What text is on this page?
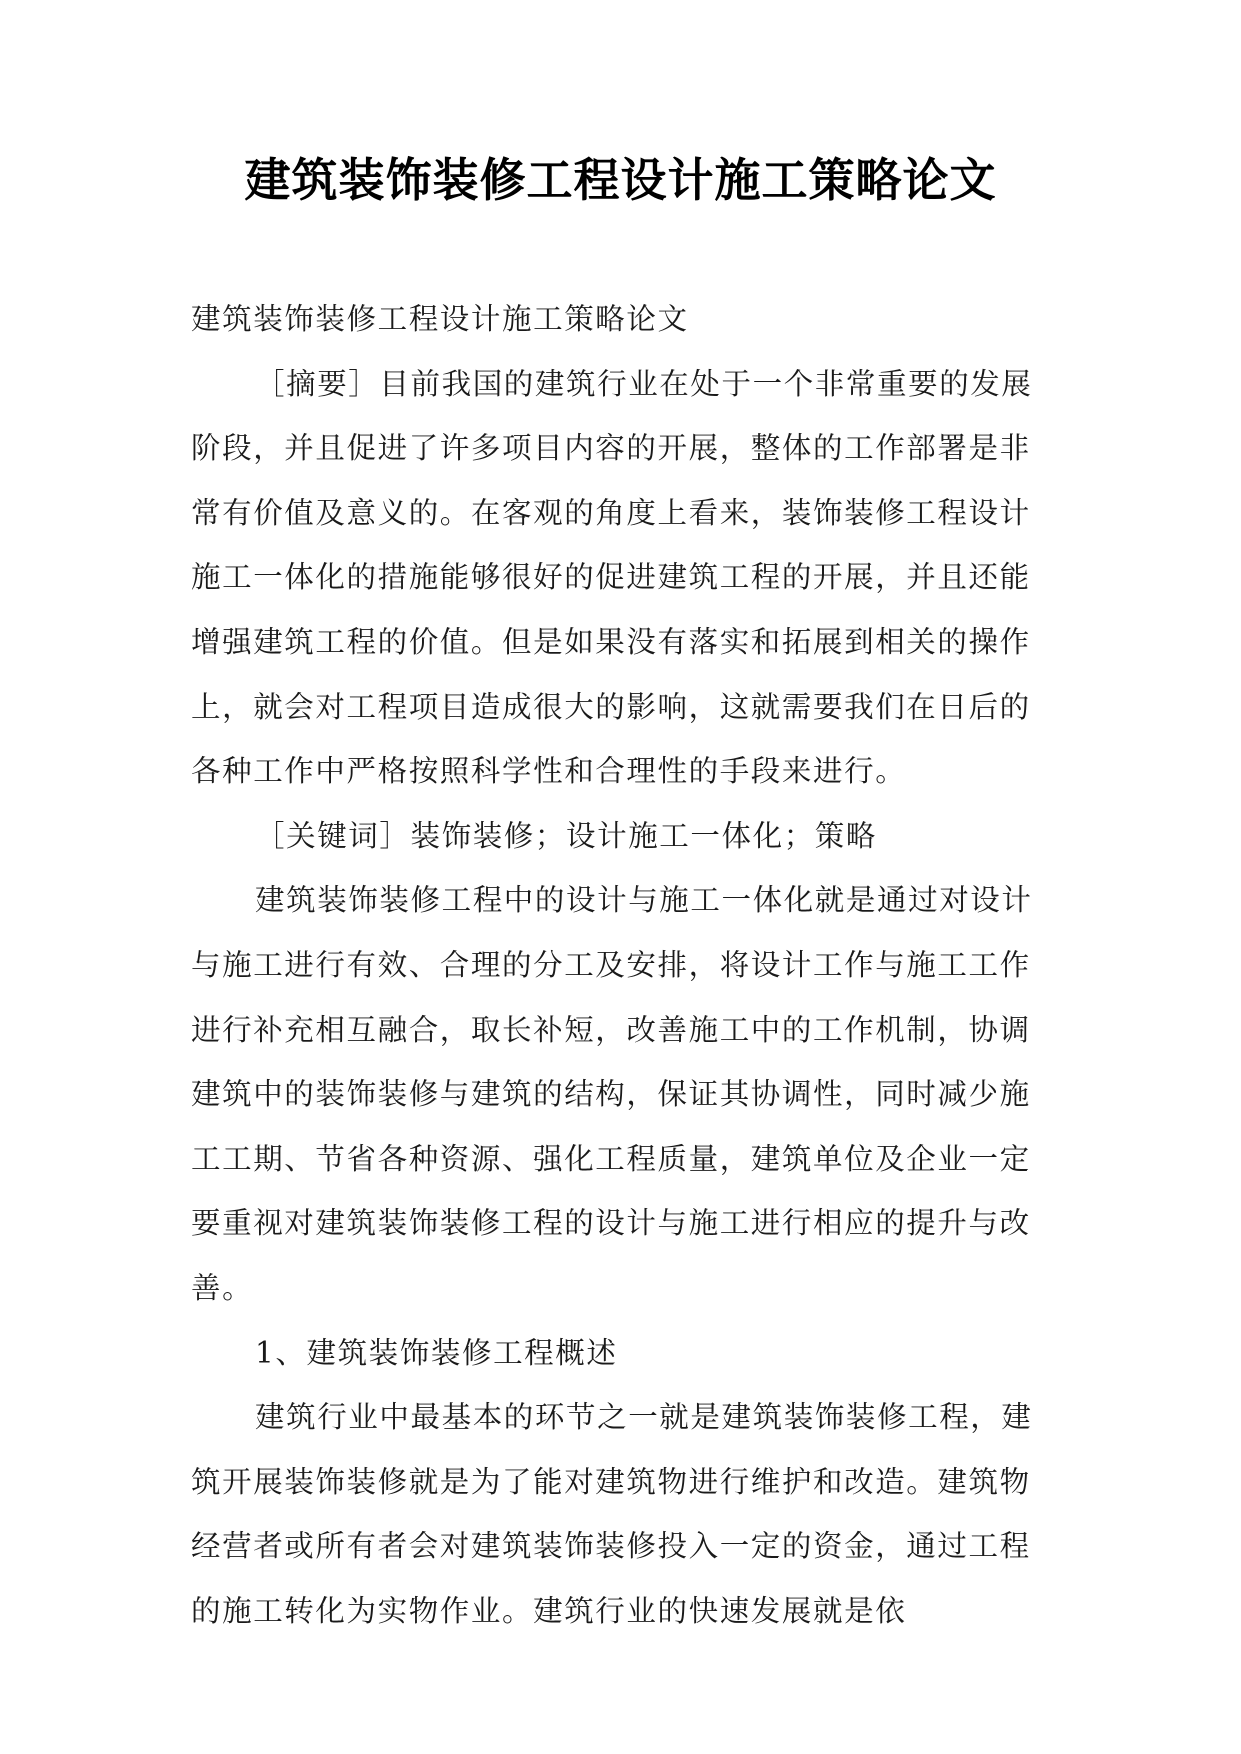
建筑装饰装修工程设计施工策略论文

建筑装饰装修工程设计施工策略论文

［摘要］目前我国的建筑行业在处于一个非常重要的发展阶段，并且促进了许多项目内容的开展，整体的工作部署是非常有价值及意义的。在客观的角度上看来，装饰装修工程设计施工一体化的措施能够很好的促进建筑工程的开展，并且还能增强建筑工程的价值。但是如果没有落实和拓展到相关的操作上，就会对工程项目造成很大的影响，这就需要我们在日后的各种工作中严格按照科学性和合理性的手段来进行。

［关键词］装饰装修；设计施工一体化；策略

建筑装饰装修工程中的设计与施工一体化就是通过对设计与施工进行有效、合理的分工及安排，将设计工作与施工工作进行补充相互融合，取长补短，改善施工中的工作机制，协调建筑中的装饰装修与建筑的结构，保证其协调性，同时减少施工工期、节省各种资源、强化工程质量，建筑单位及企业一定要重视对建筑装饰装修工程的设计与施工进行相应的提升与改善。

1、建筑装饰装修工程概述

建筑行业中最基本的环节之一就是建筑装饰装修工程，建筑开展装饰装修就是为了能对建筑物进行维护和改造。建筑物经营者或所有者会对建筑装饰装修投入一定的资金，通过工程的施工转化为实物作业。建筑行业的快速发展就是依
